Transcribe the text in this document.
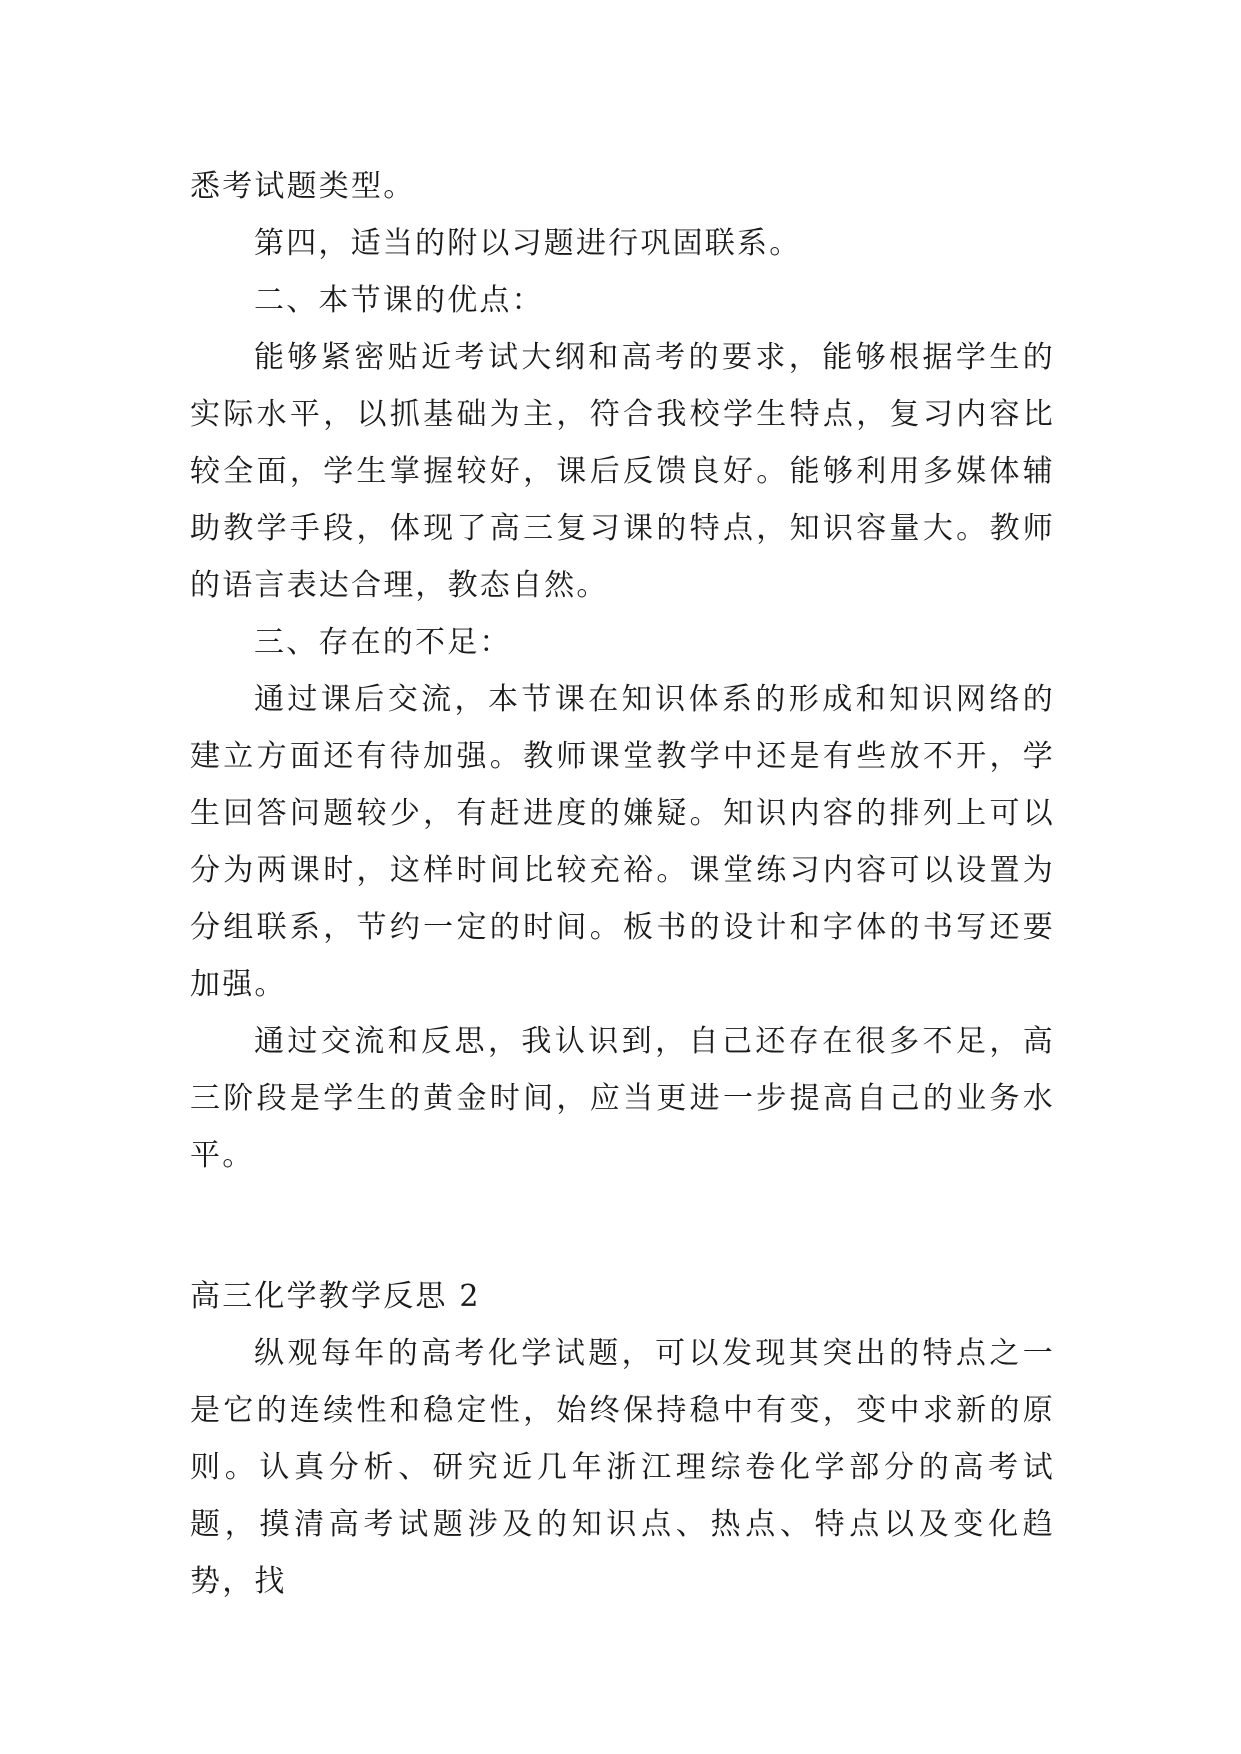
悉考试题类型。

第四，适当的附以习题进行巩固联系。

二、本节课的优点：

能够紧密贴近考试大纲和高考的要求，能够根据学生的实际水平，以抓基础为主，符合我校学生特点，复习内容比较全面，学生掌握较好，课后反馈良好。能够利用多媒体辅助教学手段，体现了高三复习课的特点，知识容量大。教师的语言表达合理，教态自然。

三、存在的不足：

通过课后交流，本节课在知识体系的形成和知识网络的建立方面还有待加强。教师课堂教学中还是有些放不开，学生回答问题较少，有赶进度的嫌疑。知识内容的排列上可以分为两课时，这样时间比较充裕。课堂练习内容可以设置为分组联系，节约一定的时间。板书的设计和字体的书写还要加强。

通过交流和反思，我认识到，自己还存在很多不足，高三阶段是学生的黄金时间，应当更进一步提高自己的业务水平。

高三化学教学反思 2

纵观每年的高考化学试题，可以发现其突出的特点之一是它的连续性和稳定性，始终保持稳中有变，变中求新的原则。认真分析、研究近几年浙江理综卷化学部分的高考试题，摸清高考试题涉及的知识点、热点、特点以及变化趋势，找
